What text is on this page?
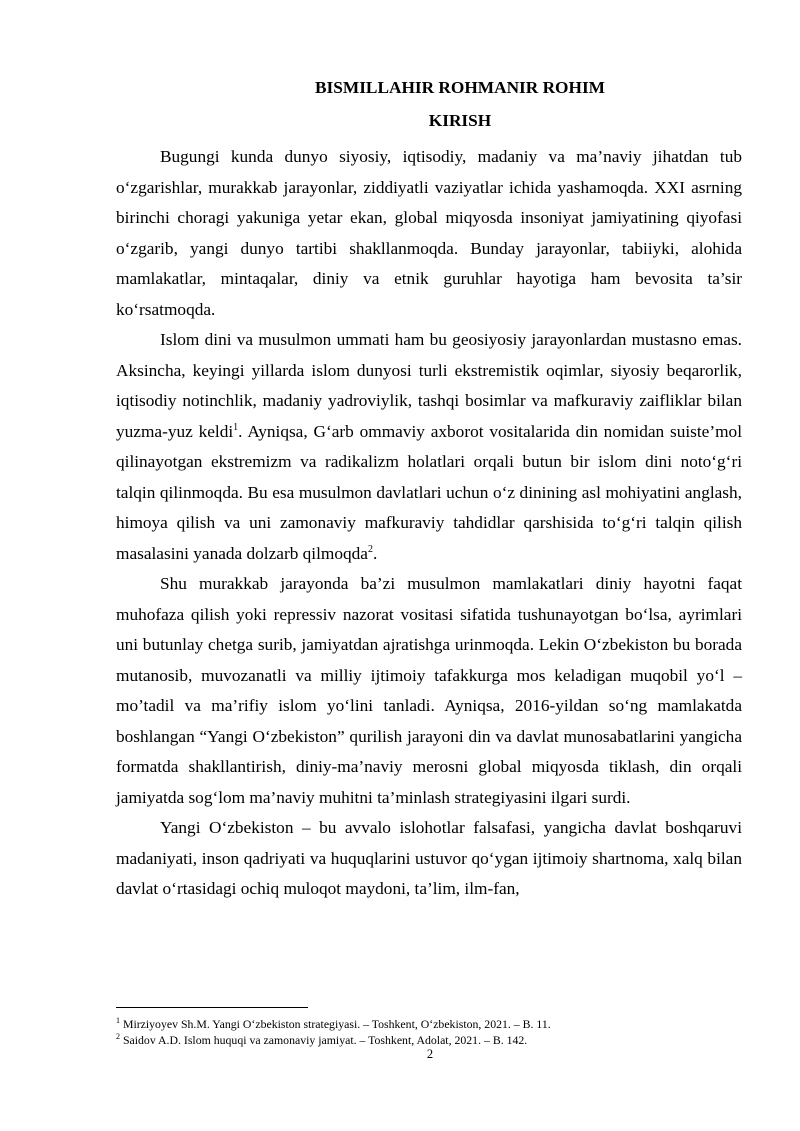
BISMILLAHIR ROHMANIR ROHIM
KIRISH

Bugungi kunda dunyo siyosiy, iqtisodiy, madaniy va ma’naviy jihatdan tub o‘zgarishlar, murakkab jarayonlar, ziddiyatli vaziyatlar ichida yashamoqda. XXI asrning birinchi choragi yakuniga yetar ekan, global miqyosda insoniyat jamiyatining qiyofasi o‘zgarib, yangi dunyo tartibi shakllanmoqda. Bunday jarayonlar, tabiiyki, alohida mamlakatlar, mintaqalar, diniy va etnik guruhlar hayotiga ham bevosita ta’sir ko‘rsatmoqda.

Islom dini va musulmon ummati ham bu geosiyosiy jarayonlardan mustasno emas. Aksincha, keyingi yillarda islom dunyosi turli ekstremistik oqimlar, siyosiy beqarorlik, iqtisodiy notinchlik, madaniy yadroviylik, tashqi bosimlar va mafkuraviy zaifliklar bilan yuzma-yuz keldi$^1$. Ayniqsa, G‘arb ommaviy axborot vositalarida din nomidan suiste’mol qilinayotgan ekstremizm va radikalizm holatlari orqali butun bir islom dini noto‘g‘ri talqin qilinmoqda. Bu esa musulmon davlatlari uchun o‘z dinining asl mohiyatini anglash, himoya qilish va uni zamonaviy mafkuraviy tahdidlar qarshisida to‘g‘ri talqin qilish masalasini yanada dolzarb qilmoqda$^2$.

Shu murakkab jarayonda ba’zi musulmon mamlakatlari diniy hayotni faqat muhofaza qilish yoki repressiv nazorat vositasi sifatida tushunayotgan bo‘lsa, ayrimlari uni butunlay chetga surib, jamiyatdan ajratishga urinmoqda. Lekin O‘zbekiston bu borada mutanosib, muvozanatli va milliy ijtimoiy tafakkurga mos keladigan muqobil yo‘l – mo’tadil va ma’rifiy islom yo‘lini tanladi. Ayniqsa, 2016-yildan so‘ng mamlakatda boshlangan “Yangi O‘zbekiston” qurilish jarayoni din va davlat munosabatlarini yangicha formatda shakllantirish, diniy-ma’naviy merosni global miqyosda tiklash, din orqali jamiyatda sog‘lom ma’naviy muhitni ta’minlash strategiyasini ilgari surdi.

Yangi O‘zbekiston – bu avvalo islohotlar falsafasi, yangicha davlat boshqaruvi madaniyati, inson qadriyati va huquqlarini ustuvor qo‘ygan ijtimoiy shartnoma, xalq bilan davlat o‘rtasidagi ochiq muloqot maydoni, ta’lim, ilm-fan,

$^1$ Mirziyoyev Sh.M. Yangi O‘zbekiston strategiyasi. – Toshkent, O‘zbekiston, 2021. – B. 11.

$^2$ Saidov A.D. Islom huquqi va zamonaviy jamiyat. – Toshkent, Adolat, 2021. – B. 142.

2
